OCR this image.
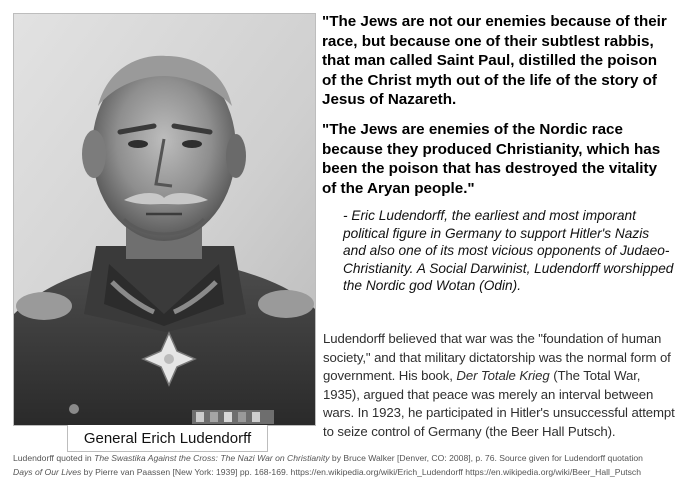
General Erich Ludendorff
"The Jews are not our enemies because of their race, but because one of their subtlest rabbis, that man called Saint Paul, distilled the poison of the Christ myth out of the life of the story of Jesus of Nazareth.
"The Jews are enemies of the Nordic race because they produced Christianity, which has been the poison that has destroyed the vitality of the Aryan people."
- Eric Ludendorff, the earliest and most imporant political figure in Germany to support Hitler's Nazis and also one of its most vicious opponents of Judaeo-Christianity. A Social Darwinist, Ludendorff worshipped the Nordic god Wotan (Odin).
Ludendorff believed that war was the "foundation of human society," and that military dictatorship was the normal form of government. His book, Der Totale Krieg (The Total War, 1935), argued that peace was merely an interval between wars. In 1923, he participated in Hitler's unsuccessful attempt to seize control of Germany (the Beer Hall Putsch).
Ludendorff quoted in The Swastika Against the Cross: The Nazi War on Christianity by Bruce Walker [Denver, CO: 2008], p. 76. Source given for Ludendorff quotation
Days of Our Lives by Pierre van Paassen [New York: 1939] pp. 168-169. https://en.wikipedia.org/wiki/Erich_Ludendorff https://en.wikipedia.org/wiki/Beer_Hall_Putsch
